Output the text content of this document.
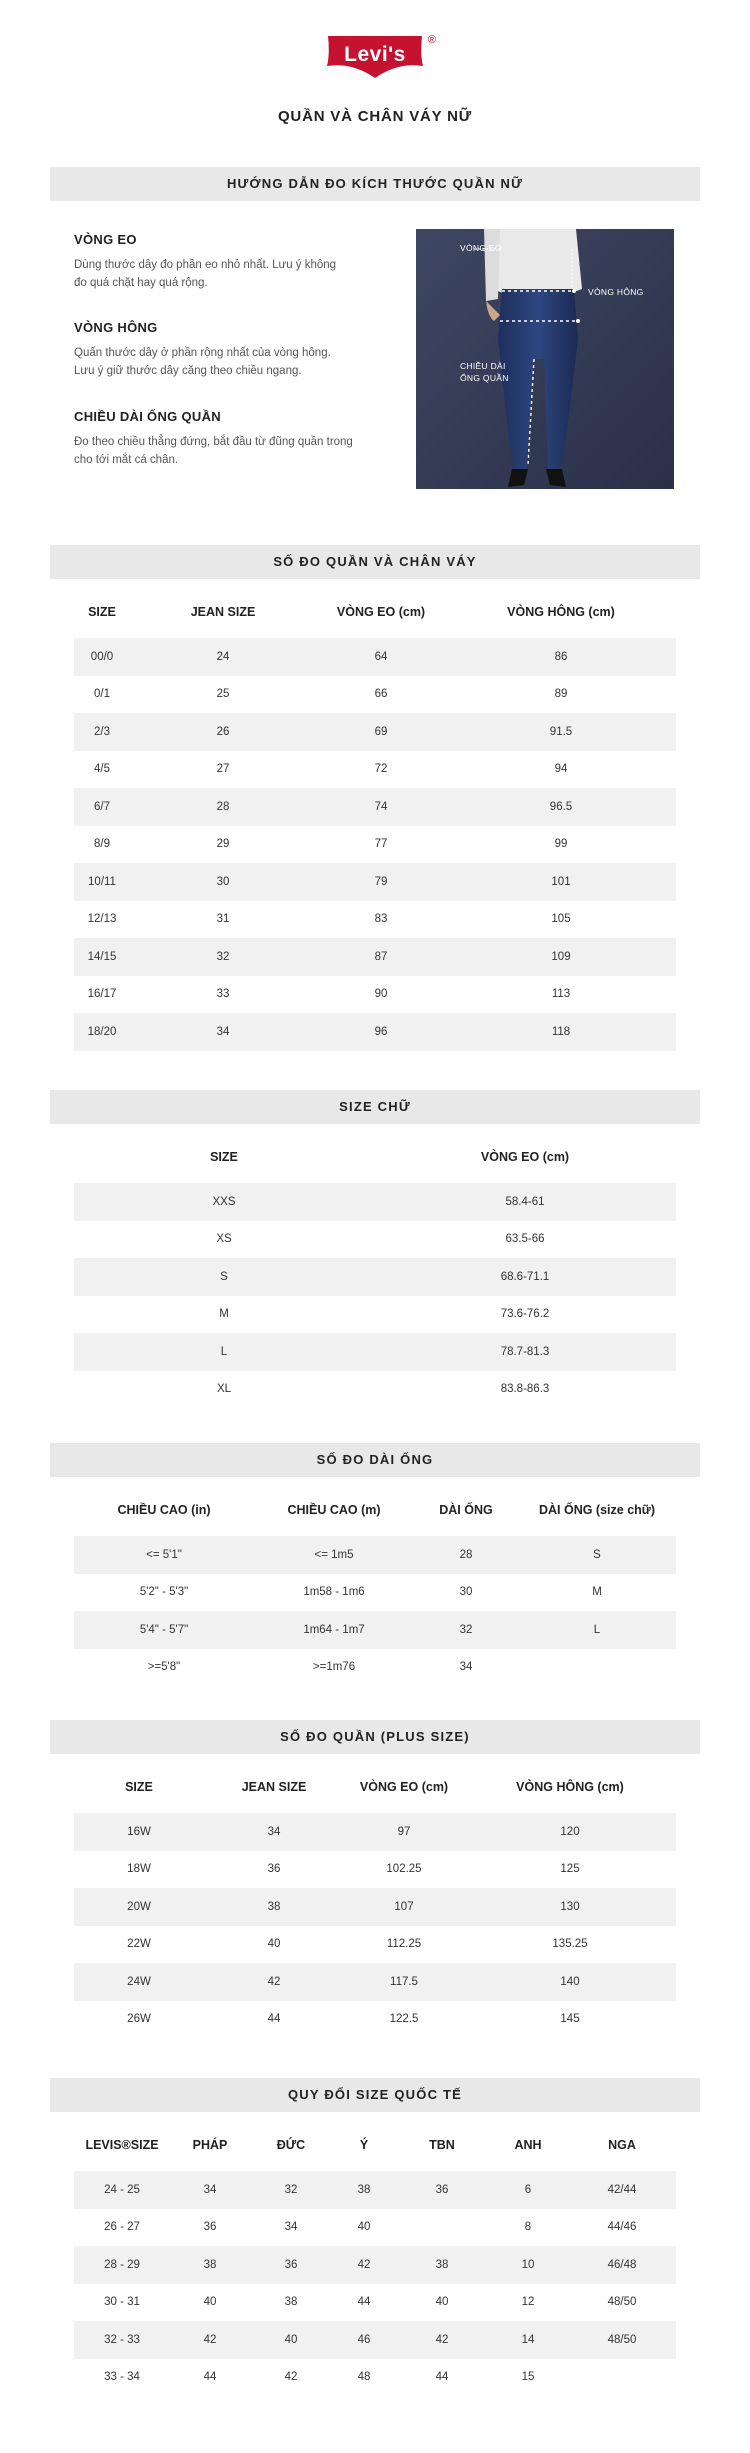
Levi's
®
QUẦN VÀ CHÂN VÁY NỮ
HƯỚNG DẪN ĐO KÍCH THƯỚC QUẦN NỮ
VÒNG EO
Dùng thước dây đo phần eo nhỏ nhất. Lưu ý không
đo quá chặt hay quá rộng.
VÒNG HÔNG
Quấn thước dây ở phần rộng nhất của vòng hông.
Lưu ý giữ thước dây căng theo chiều ngang.
CHIỀU DÀI ỐNG QUẦN
Đo theo chiều thẳng đứng, bắt đầu từ đũng quần trong
cho tới mắt cá chân.
VÒNG EO
VÒNG HÔNG
CHIỀU DÀI
ỐNG QUẦN
SỐ ĐO QUẦN VÀ CHÂN VÁY
SIZE	JEAN SIZE	VÒNG EO (cm)	VÒNG HÔNG (cm)
00/0	24	64	86
0/1	25	66	89
2/3	26	69	91.5
4/5	27	72	94
6/7	28	74	96.5
8/9	29	77	99
10/11	30	79	101
12/13	31	83	105
14/15	32	87	109
16/17	33	90	113
18/20	34	96	118
SIZE CHỮ
SIZE	VÒNG EO (cm)
XXS	58.4-61
XS	63.5-66
S	68.6-71.1
M	73.6-76.2
L	78.7-81.3
XL	83.8-86.3
SỐ ĐO DÀI ỐNG
CHIỀU CAO (in)	CHIỀU CAO (m)	DÀI ỐNG	DÀI ỐNG (size chữ)
<= 5'1"	<= 1m5	28	S
5'2" - 5'3"	1m58 - 1m6	30	M
5'4" - 5'7"	1m64 - 1m7	32	L
>=5'8"	>=1m76	34	
SỐ ĐO QUẦN (PLUS SIZE)
SIZE	JEAN SIZE	VÒNG EO (cm)	VÒNG HÔNG (cm)
16W	34	97	120
18W	36	102.25	125
20W	38	107	130
22W	40	112.25	135.25
24W	42	117.5	140
26W	44	122.5	145
QUY ĐỔI SIZE QUỐC TẾ
LEVIS®SIZE	PHÁP	ĐỨC	Ý	TBN	ANH	NGA
24 - 25	34	32	38	36	6	42/44
26 - 27	36	34	40		8	44/46
28 - 29	38	36	42	38	10	46/48
30 - 31	40	38	44	40	12	48/50
32 - 33	42	40	46	42	14	48/50
33 - 34	44	42	48	44	15	
